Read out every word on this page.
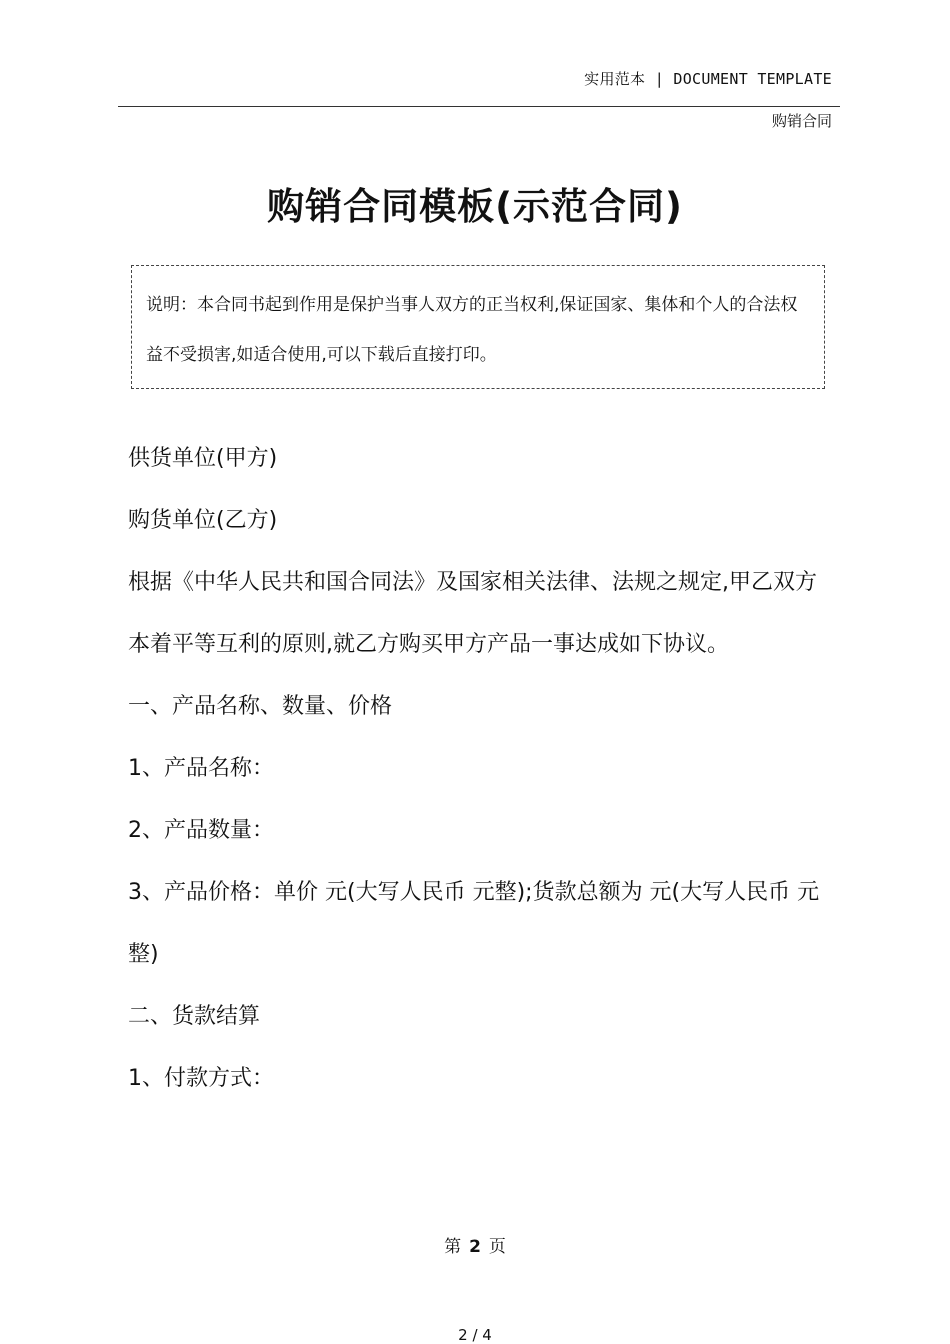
实用范本 | DOCUMENT TEMPLATE
购销合同
购销合同模板(示范合同)
说明：本合同书起到作用是保护当事人双方的正当权利,保证国家、集体和个人的合法权益不受损害,如适合使用,可以下载后直接打印。

供货单位(甲方)

购货单位(乙方)

根据《中华人民共和国合同法》及国家相关法律、法规之规定,甲乙双方本着平等互利的原则,就乙方购买甲方产品一事达成如下协议。

一、产品名称、数量、价格

1、产品名称：

2、产品数量：

3、产品价格：单价 元(大写人民币 元整);货款总额为 元(大写人民币 元整)

二、货款结算

1、付款方式：

第 2 页
2 / 4
